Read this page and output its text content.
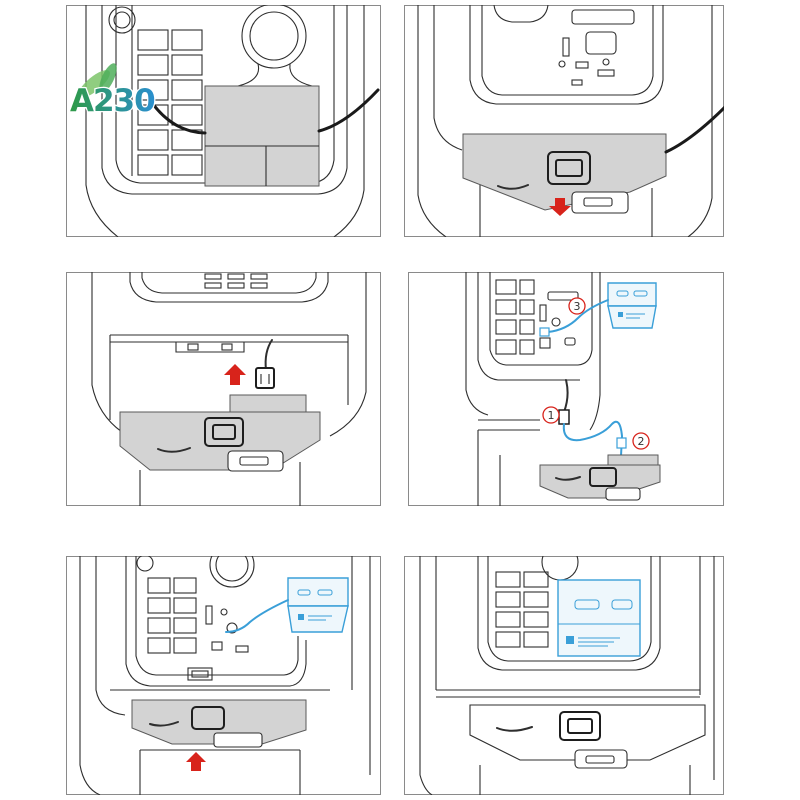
A230
3
1
2
